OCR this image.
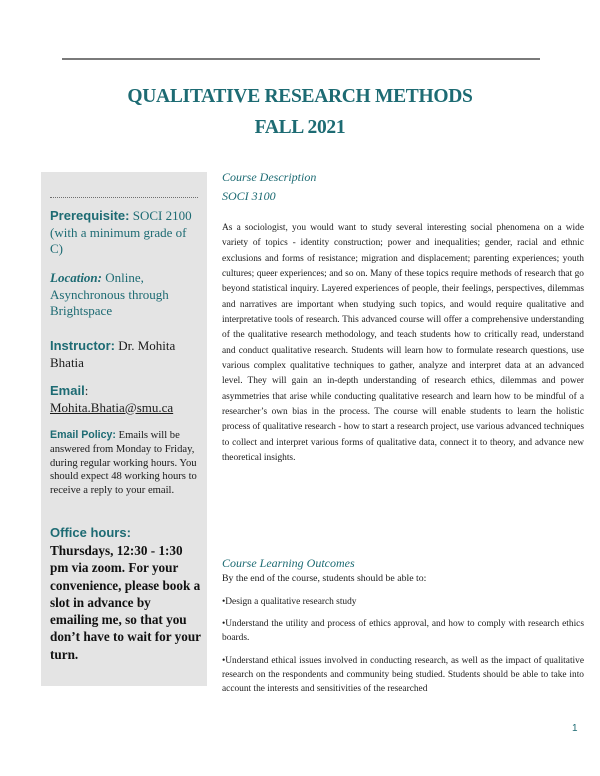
QUALITATIVE RESEARCH METHODS
FALL 2021
Prerequisite: SOCI 2100 (with a minimum grade of C)
Location: Online, Asynchronous through Brightspace
Instructor: Dr. Mohita Bhatia
Email:
Mohita.Bhatia@smu.ca
Email Policy: Emails will be answered from Monday to Friday, during regular working hours. You should expect 48 working hours to receive a reply to your email.
Office hours:
Thursdays, 12:30 - 1:30 pm via zoom. For your convenience, please book a slot in advance by emailing me, so that you don’t have to wait for your turn.
Course Description
SOCI 3100

As a sociologist, you would want to study several interesting social phenomena on a wide variety of topics - identity construction; power and inequalities; gender, racial and ethnic exclusions and forms of resistance; migration and displacement; parenting experiences; youth cultures; queer experiences; and so on. Many of these topics require methods of research that go beyond statistical inquiry. Layered experiences of people, their feelings, perspectives, dilemmas and narratives are important when studying such topics, and would require qualitative and interpretative tools of research. This advanced course will offer a comprehensive understanding of the qualitative research methodology, and teach students how to critically read, understand and conduct qualitative research. Students will learn how to formulate research questions, use various complex qualitative techniques to gather, analyze and interpret data at an advanced level. They will gain an in-depth understanding of research ethics, dilemmas and power asymmetries that arise while conducting qualitative research and learn how to be mindful of a researcher’s own bias in the process. The course will enable students to learn the holistic process of qualitative research - how to start a research project, use various advanced techniques to collect and interpret various forms of qualitative data, connect it to theory, and advance new theoretical insights.

Course Learning Outcomes
By the end of the course, students should be able to:

•Design a qualitative research study

•Understand the utility and process of ethics approval, and how to comply with research ethics boards.

•Understand ethical issues involved in conducting research, as well as the impact of qualitative research on the respondents and community being studied. Students should be able to take into account the interests and sensitivities of the researched

1
